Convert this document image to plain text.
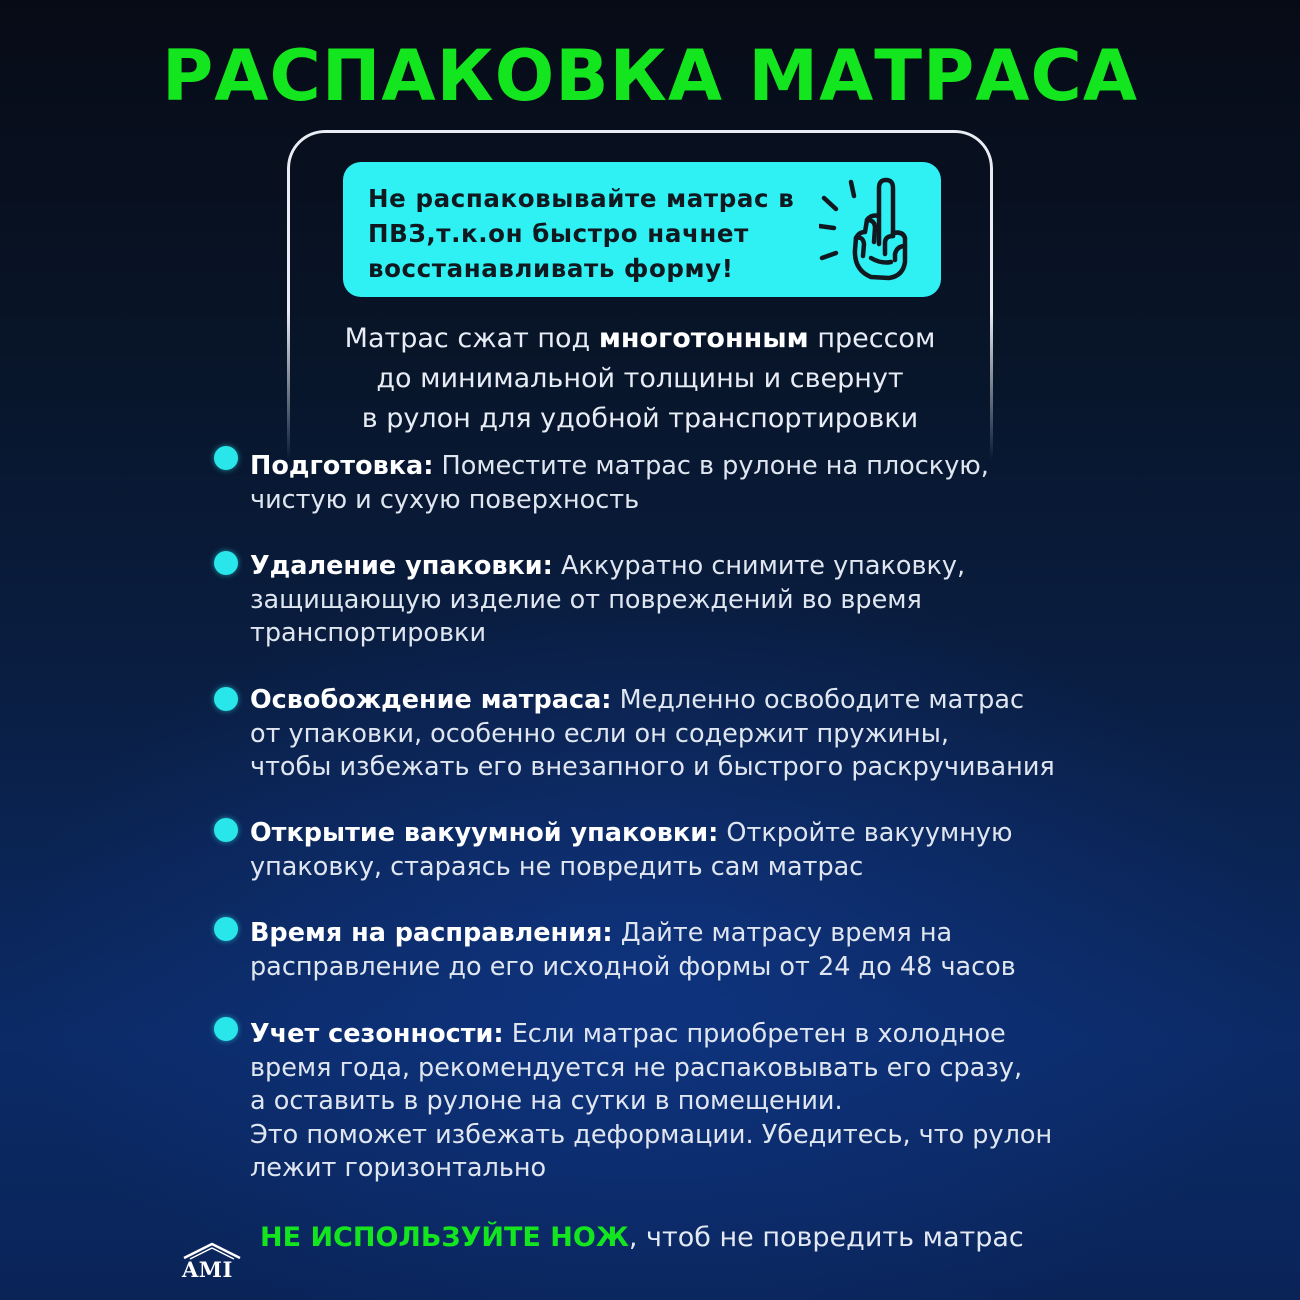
РАСПАКОВКА МАТРАСА
Не распаковывайте матрас в
ПВЗ,т.к.он быстро начнет
восстанавливать форму!
Матрас сжат под многотонным прессом
до минимальной толщины и свернут
в рулон для удобной транспортировки
Подготовка: Поместите матрас в рулоне на плоскую,
чистую и сухую поверхность
Удаление упаковки: Аккуратно снимите упаковку,
защищающую изделие от повреждений во время
транспортировки
Освобождение матраса: Медленно освободите матрас
от упаковки, особенно если он содержит пружины,
чтобы избежать его внезапного и быстрого раскручивания
Открытие вакуумной упаковки: Откройте вакуумную
упаковку, стараясь не повредить сам матрас
Время на расправления: Дайте матрасу время на
расправление до его исходной формы от 24 до 48 часов
Учет сезонности: Если матрас приобретен в холодное
время года, рекомендуется не распаковывать его сразу,
а оставить в рулоне на сутки в помещении.
Это поможет избежать деформации. Убедитесь, что рулон
лежит горизонтально
AMI
НЕ ИСПОЛЬЗУЙТЕ НОЖ, чтоб не повредить матрас
